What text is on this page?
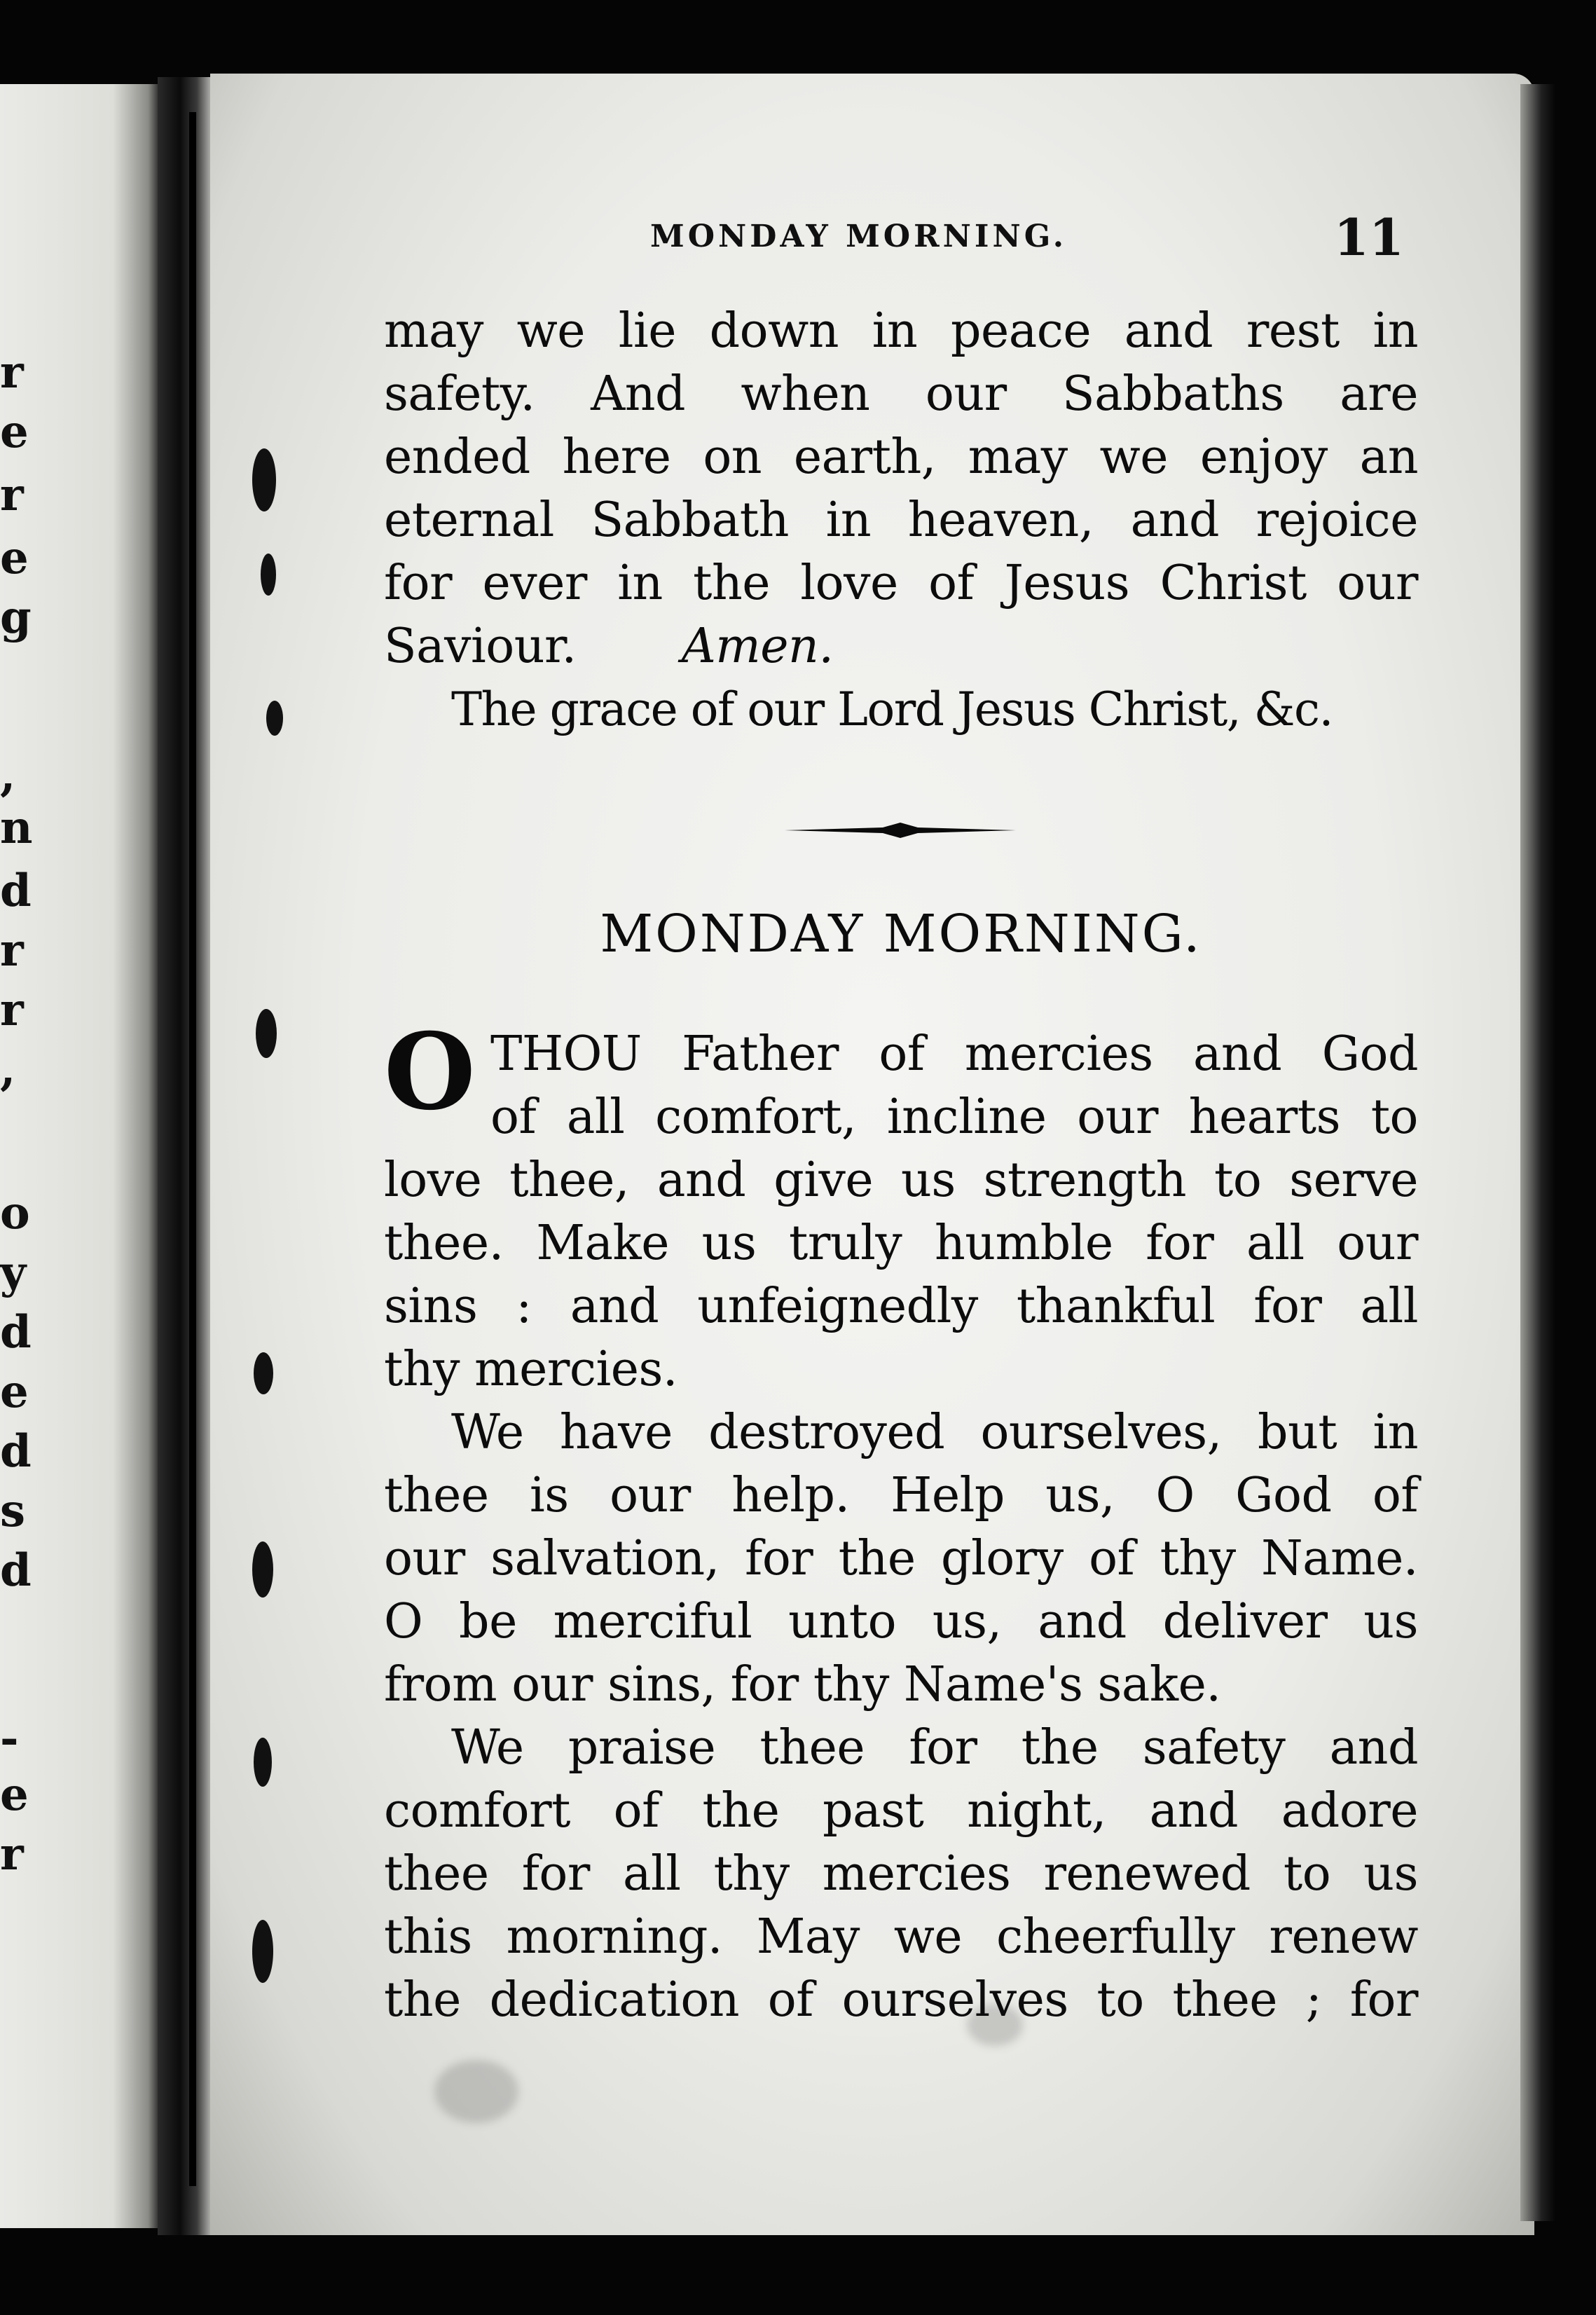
r
e
r
e
g
,
n
d
r
r
,
o
y
d
e
d
s
d
-
e
r
MONDAY MORNING.	11
may we lie down in peace and rest in
safety. And when our Sabbaths are
ended here on earth, may we enjoy an
eternal Sabbath in heaven, and rejoice
for ever in the love of Jesus Christ our
Saviour. Amen.
The grace of our Lord Jesus Christ, &c.
MONDAY MORNING.
O THOU Father of mercies and God
of all comfort, incline our hearts to
love thee, and give us strength to serve
thee. Make us truly humble for all our
sins : and unfeignedly thankful for all
thy mercies.
We have destroyed ourselves, but in
thee is our help. Help us, O God of
our salvation, for the glory of thy Name.
O be merciful unto us, and deliver us
from our sins, for thy Name's sake.
We praise thee for the safety and
comfort of the past night, and adore
thee for all thy mercies renewed to us
this morning. May we cheerfully renew
the dedication of ourselves to thee ; for
